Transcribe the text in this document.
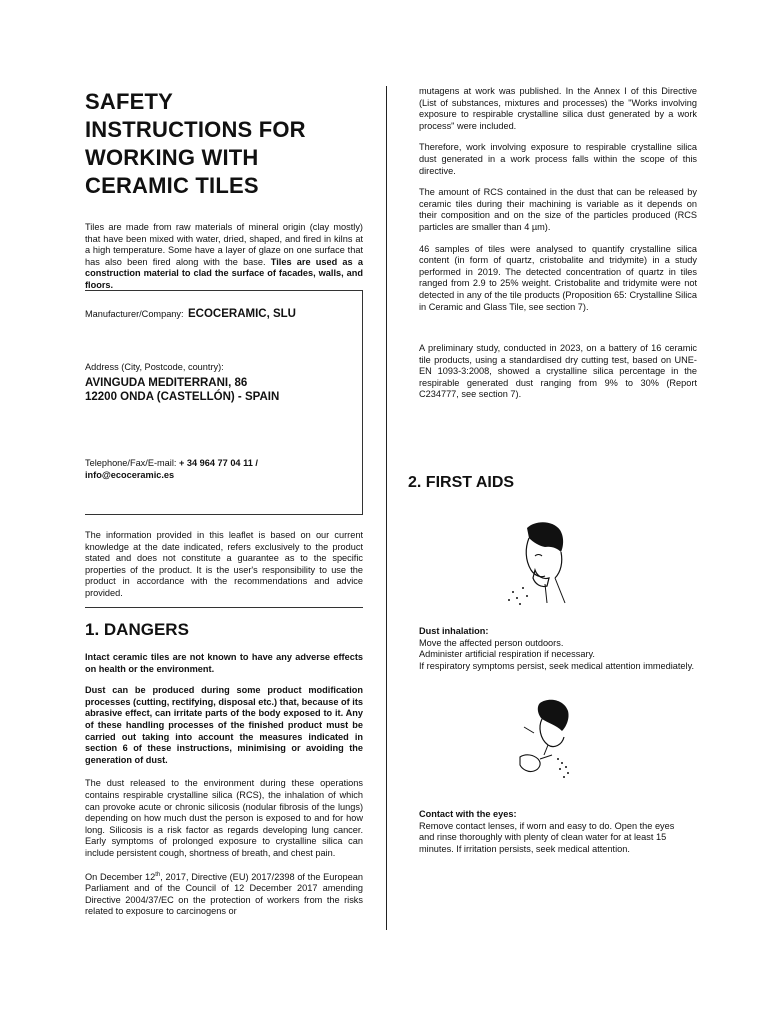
SAFETY
INSTRUCTIONS FOR
WORKING WITH
CERAMIC TILES

Tiles are made from raw materials of mineral origin (clay mostly) that have been mixed with water, dried, shaped, and fired in kilns at a high temperature. Some have a layer of glaze on one surface that has also been fired along with the base. Tiles are used as a construction material to clad the surface of facades, walls, and floors.

Manufacturer/Company: ECOCERAMIC, SLU
Address (City, Postcode, country):
AVINGUDA MEDITERRANI, 86
12200 ONDA (CASTELLÓN) - SPAIN
Telephone/Fax/E-mail: + 34 964 77 04 11 /
info@ecoceramic.es

The information provided in this leaflet is based on our current knowledge at the date indicated, refers exclusively to the product stated and does not constitute a guarantee as to the specific properties of the product. It is the user's responsibility to use the product in accordance with the recommendations and advice provided.

1. DANGERS

Intact ceramic tiles are not known to have any adverse effects on health or the environment.

Dust can be produced during some product modification processes (cutting, rectifying, disposal etc.) that, because of its abrasive effect, can irritate parts of the body exposed to it. Any of these handling processes of the finished product must be carried out taking into account the measures indicated in section 6 of these instructions, minimising or avoiding the generation of dust.

The dust released to the environment during these operations contains respirable crystalline silica (RCS), the inhalation of which can provoke acute or chronic silicosis (nodular fibrosis of the lungs) depending on how much dust the person is exposed to and for how long. Silicosis is a risk factor as regards developing lung cancer. Early symptoms of prolonged exposure to crystalline silica can include persistent cough, shortness of breath, and chest pain.

On December 12th, 2017, Directive (EU) 2017/2398 of the European Parliament and of the Council of 12 December 2017 amending Directive 2004/37/EC on the protection of workers from the risks related to exposure to carcinogens or

mutagens at work was published. In the Annex I of this Directive (List of substances, mixtures and processes) the "Works involving exposure to respirable crystalline silica dust generated by a work process" were included.

Therefore, work involving exposure to respirable crystalline silica dust generated in a work process falls within the scope of this directive.

The amount of RCS contained in the dust that can be released by ceramic tiles during their machining is variable as it depends on their composition and on the size of the particles produced (RCS particles are smaller than 4 µm).

46 samples of tiles were analysed to quantify crystalline silica content (in form of quartz, cristobalite and tridymite) in a study performed in 2019. The detected concentration of quartz in tiles ranged from 2.9 to 25% weight. Cristobalite and tridymite were not detected in any of the tile products (Proposition 65: Crystalline Silica in Ceramic and Glass Tile, see section 7).

A preliminary study, conducted in 2023, on a battery of 16 ceramic tile products, using a standardised dry cutting test, based on UNE-EN 1093-3:2008, showed a crystalline silica percentage in the respirable generated dust ranging from 9% to 30% (Report C234777, see section 7).

2. FIRST AIDS
Dust inhalation:
Move the affected person outdoors.
Administer artificial respiration if necessary.
If respiratory symptoms persist, seek medical attention immediately.
Contact with the eyes:
Remove contact lenses, if worn and easy to do. Open the eyes and rinse thoroughly with plenty of clean water for at least 15 minutes. If irritation persists, seek medical attention.
